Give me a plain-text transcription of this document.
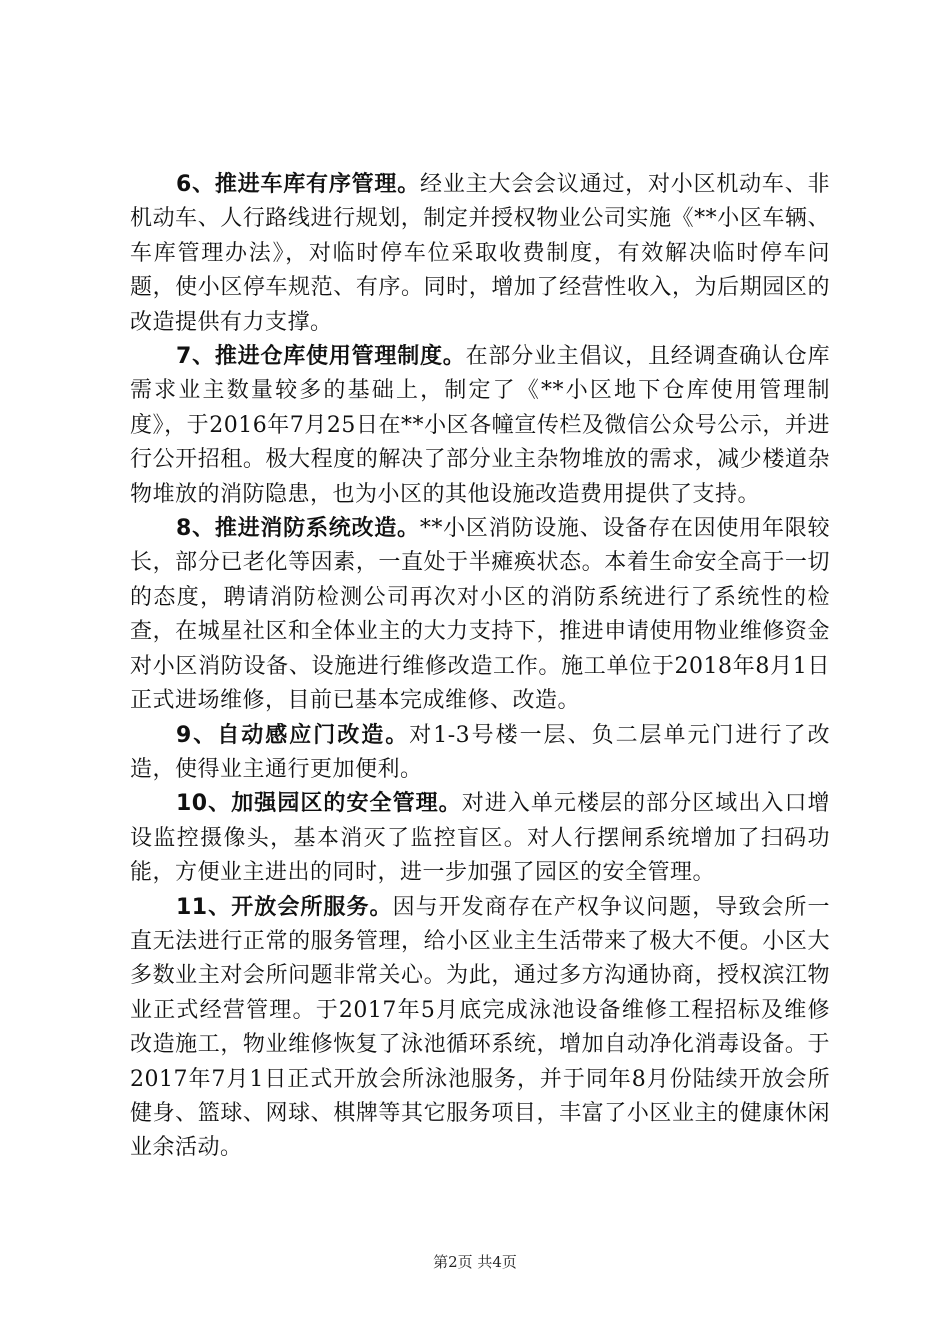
6、推进车库有序管理。经业主大会会议通过，对小区机动车、非机动车、人行路线进行规划，制定并授权物业公司实施《**小区车辆、车库管理办法》，对临时停车位采取收费制度，有效解决临时停车问题，使小区停车规范、有序。同时，增加了经营性收入，为后期园区的改造提供有力支撑。

7、推进仓库使用管理制度。在部分业主倡议，且经调查确认仓库需求业主数量较多的基础上，制定了《**小区地下仓库使用管理制度》，于2016年7月25日在**小区各幢宣传栏及微信公众号公示，并进行公开招租。极大程度的解决了部分业主杂物堆放的需求，减少楼道杂物堆放的消防隐患，也为小区的其他设施改造费用提供了支持。

8、推进消防系统改造。**小区消防设施、设备存在因使用年限较长，部分已老化等因素，一直处于半瘫痪状态。本着生命安全高于一切的态度，聘请消防检测公司再次对小区的消防系统进行了系统性的检查，在城星社区和全体业主的大力支持下，推进申请使用物业维修资金对小区消防设备、设施进行维修改造工作。施工单位于2018年8月1日正式进场维修，目前已基本完成维修、改造。

9、自动感应门改造。对1-3号楼一层、负二层单元门进行了改造，使得业主通行更加便利。

10、加强园区的安全管理。对进入单元楼层的部分区域出入口增设监控摄像头，基本消灭了监控盲区。对人行摆闸系统增加了扫码功能，方便业主进出的同时，进一步加强了园区的安全管理。

11、开放会所服务。因与开发商存在产权争议问题，导致会所一直无法进行正常的服务管理，给小区业主生活带来了极大不便。小区大多数业主对会所问题非常关心。为此，通过多方沟通协商，授权滨江物业正式经营管理。于2017年5月底完成泳池设备维修工程招标及维修改造施工，物业维修恢复了泳池循环系统，增加自动净化消毒设备。于2017年7月1日正式开放会所泳池服务，并于同年8月份陆续开放会所健身、篮球、网球、棋牌等其它服务项目，丰富了小区业主的健康休闲业余活动。

第2页 共4页
